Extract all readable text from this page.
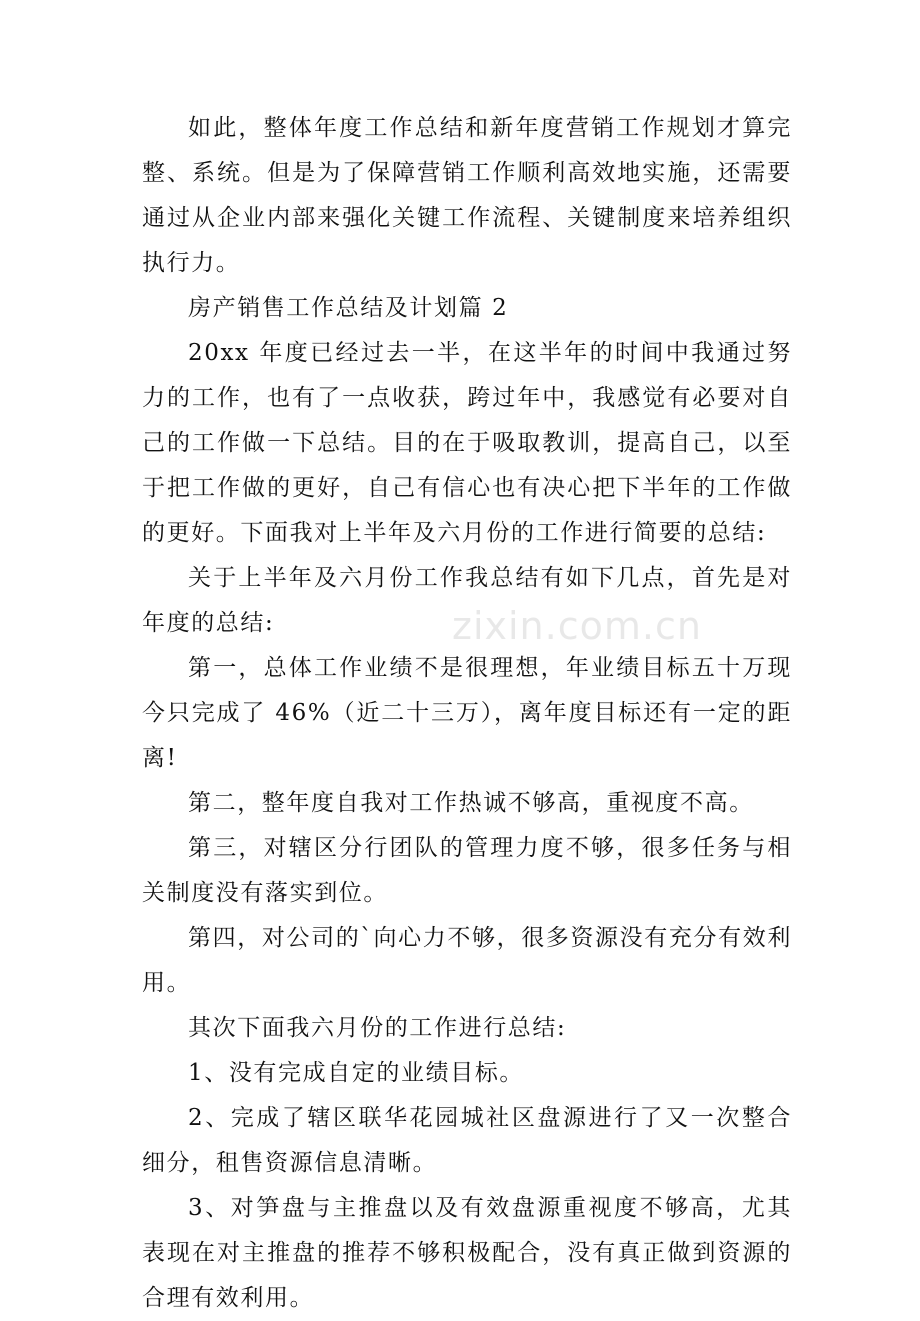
如此，整体年度工作总结和新年度营销工作规划才算完整、系统。但是为了保障营销工作顺利高效地实施，还需要通过从企业内部来强化关键工作流程、关键制度来培养组织执行力。

房产销售工作总结及计划篇 2

20xx 年度已经过去一半，在这半年的时间中我通过努力的工作，也有了一点收获，跨过年中，我感觉有必要对自己的工作做一下总结。目的在于吸取教训，提高自己，以至于把工作做的更好，自己有信心也有决心把下半年的工作做的更好。下面我对上半年及六月份的工作进行简要的总结:

关于上半年及六月份工作我总结有如下几点，首先是对年度的总结:

第一，总体工作业绩不是很理想，年业绩目标五十万现今只完成了 46%（近二十三万），离年度目标还有一定的距离!

第二，整年度自我对工作热诚不够高，重视度不高。

第三，对辖区分行团队的管理力度不够，很多任务与相关制度没有落实到位。

第四，对公司的`向心力不够，很多资源没有充分有效利用。

其次下面我六月份的工作进行总结:

1、没有完成自定的业绩目标。

2、完成了辖区联华花园城社区盘源进行了又一次整合细分，租售资源信息清晰。

3、对笋盘与主推盘以及有效盘源重视度不够高，尤其表现在对主推盘的推荐不够积极配合，没有真正做到资源的合理有效利用。

zixin.com.cn
